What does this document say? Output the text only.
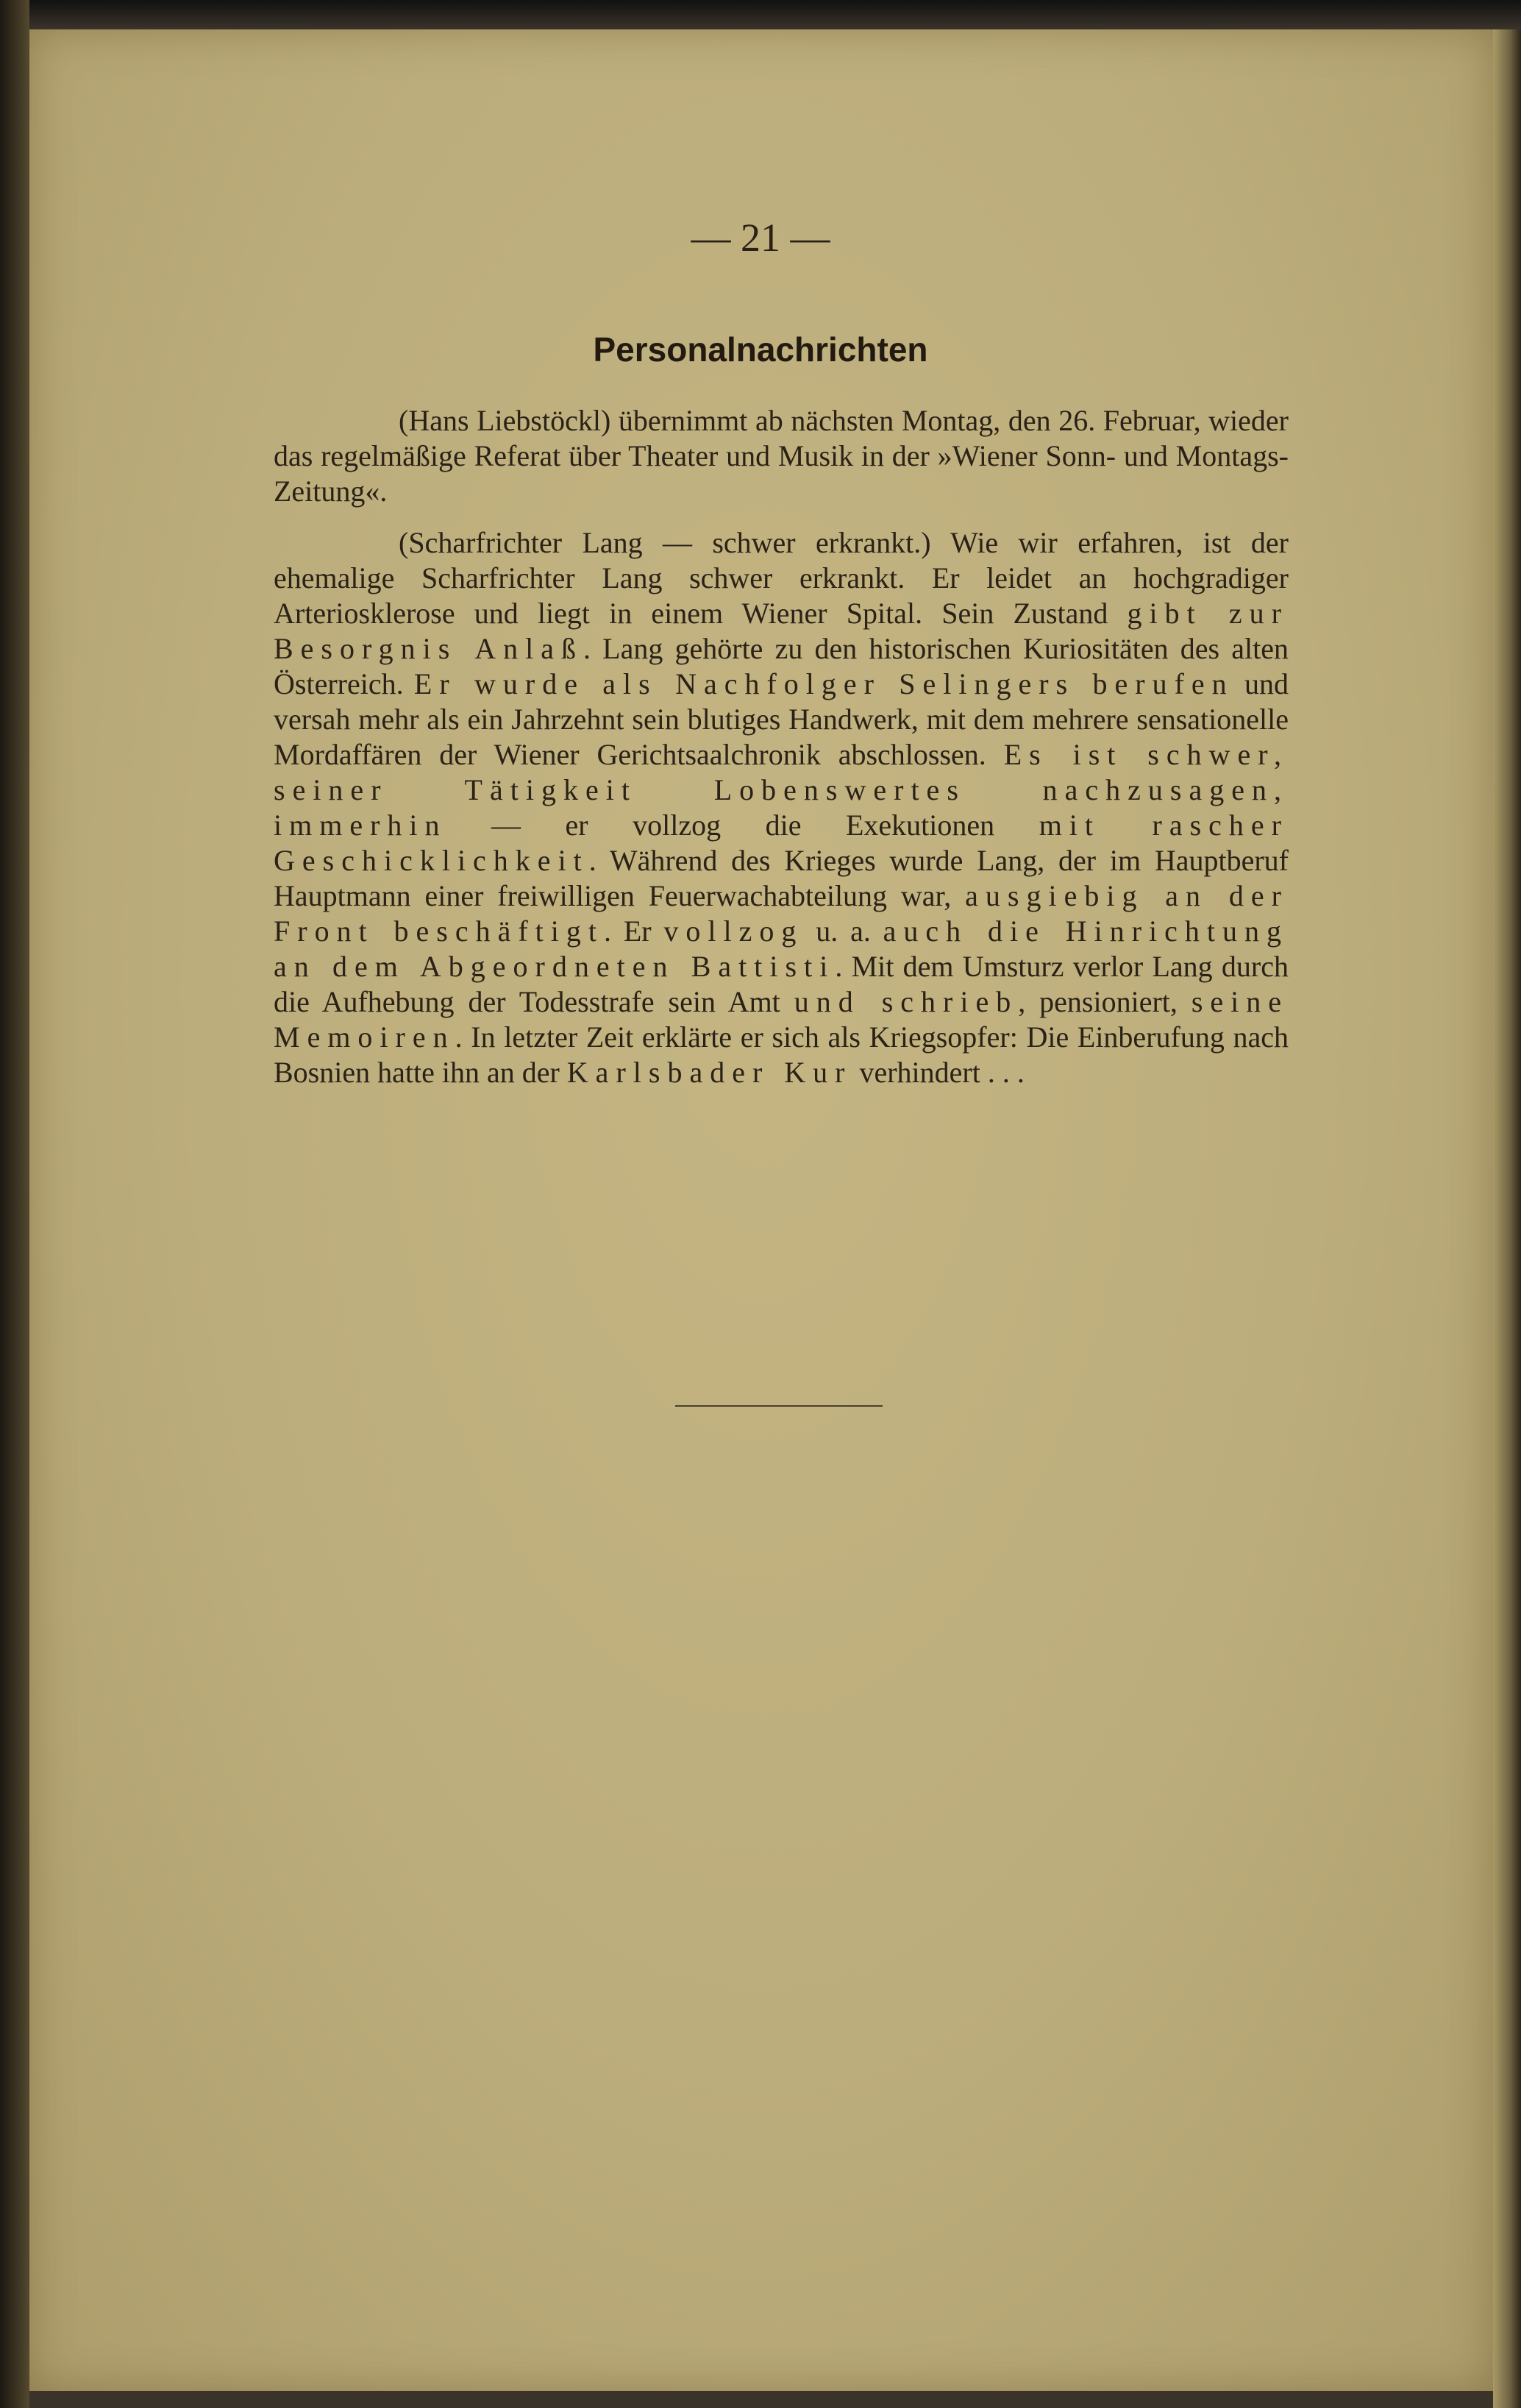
— 21 —
Personalnachrichten

(Hans Liebstöckl) übernimmt ab nächsten Montag, den 26. Februar, wieder das regelmäßige Referat über Theater und Musik in der »Wiener Sonn- und Montags-Zeitung«.

(Scharfrichter Lang — schwer erkrankt.) Wie wir erfahren, ist der ehemalige Scharfrichter Lang schwer erkrankt. Er leidet an hochgradiger Arteriosklerose und liegt in einem Wiener Spital. Sein Zustand gibt zur Besorgnis Anlaß. Lang gehörte zu den historischen Kuriositäten des alten Österreich. Er wurde als Nachfolger Selingers berufen und versah mehr als ein Jahrzehnt sein blutiges Handwerk, mit dem mehrere sensationelle Mordaffären der Wiener Gerichtsaalchronik abschlossen. Es ist schwer, seiner Tätigkeit Lobenswertes nachzusagen, immerhin — er vollzog die Exekutionen mit rascher Geschicklichkeit. Während des Krieges wurde Lang, der im Hauptberuf Hauptmann einer freiwilligen Feuerwachabteilung war, ausgiebig an der Front beschäftigt. Er vollzog u. a. auch die Hinrichtung an dem Abgeordneten Battisti. Mit dem Umsturz verlor Lang durch die Aufhebung der Todesstrafe sein Amt und schrieb, pensioniert, seine Memoiren. In letzter Zeit erklärte er sich als Kriegsopfer: Die Einberufung nach Bosnien hatte ihn an der Karlsbader Kur verhindert . . .
